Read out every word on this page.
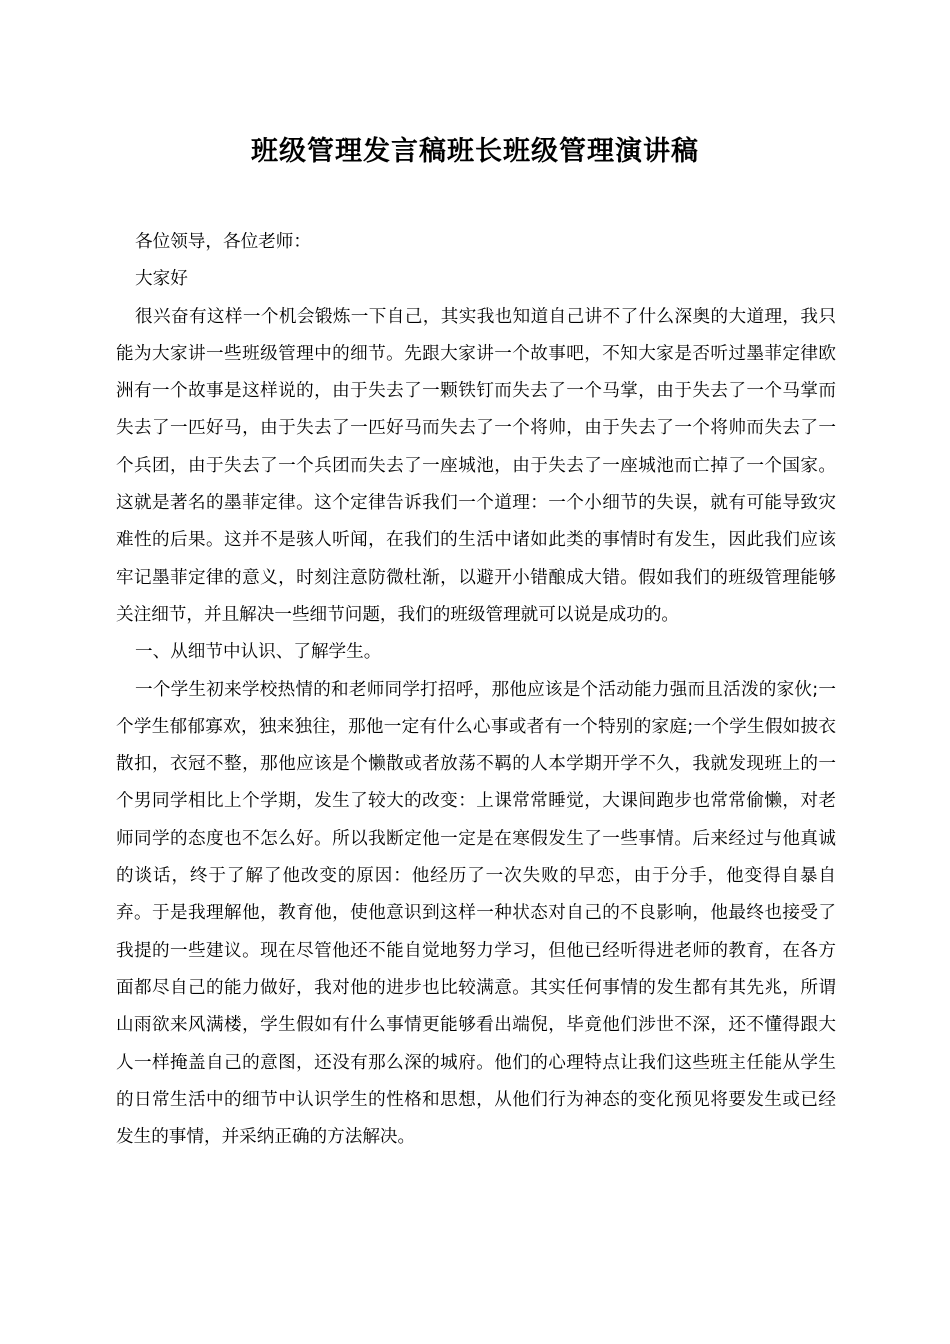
班级管理发言稿班长班级管理演讲稿

各位领导，各位老师：

大家好

很兴奋有这样一个机会锻炼一下自己，其实我也知道自己讲不了什么深奥的大道理，我只能为大家讲一些班级管理中的细节。先跟大家讲一个故事吧，不知大家是否听过墨菲定律欧洲有一个故事是这样说的，由于失去了一颗铁钉而失去了一个马掌，由于失去了一个马掌而失去了一匹好马，由于失去了一匹好马而失去了一个将帅，由于失去了一个将帅而失去了一个兵团，由于失去了一个兵团而失去了一座城池，由于失去了一座城池而亡掉了一个国家。这就是著名的墨菲定律。这个定律告诉我们一个道理：一个小细节的失误，就有可能导致灾难性的后果。这并不是骇人听闻，在我们的生活中诸如此类的事情时有发生，因此我们应该牢记墨菲定律的意义，时刻注意防微杜渐，以避开小错酿成大错。假如我们的班级管理能够关注细节，并且解决一些细节问题，我们的班级管理就可以说是成功的。

一、从细节中认识、了解学生。

一个学生初来学校热情的和老师同学打招呼，那他应该是个活动能力强而且活泼的家伙;一个学生郁郁寡欢，独来独往，那他一定有什么心事或者有一个特别的家庭;一个学生假如披衣散扣，衣冠不整，那他应该是个懒散或者放荡不羁的人本学期开学不久，我就发现班上的一个男同学相比上个学期，发生了较大的改变：上课常常睡觉，大课间跑步也常常偷懒，对老师同学的态度也不怎么好。所以我断定他一定是在寒假发生了一些事情。后来经过与他真诚的谈话，终于了解了他改变的原因：他经历了一次失败的早恋，由于分手，他变得自暴自弃。于是我理解他，教育他，使他意识到这样一种状态对自己的不良影响，他最终也接受了我提的一些建议。现在尽管他还不能自觉地努力学习，但他已经听得进老师的教育，在各方面都尽自己的能力做好，我对他的进步也比较满意。其实任何事情的发生都有其先兆，所谓山雨欲来风满楼，学生假如有什么事情更能够看出端倪，毕竟他们涉世不深，还不懂得跟大人一样掩盖自己的意图，还没有那么深的城府。他们的心理特点让我们这些班主任能从学生的日常生活中的细节中认识学生的性格和思想，从他们行为神态的变化预见将要发生或已经发生的事情，并采纳正确的方法解决。
